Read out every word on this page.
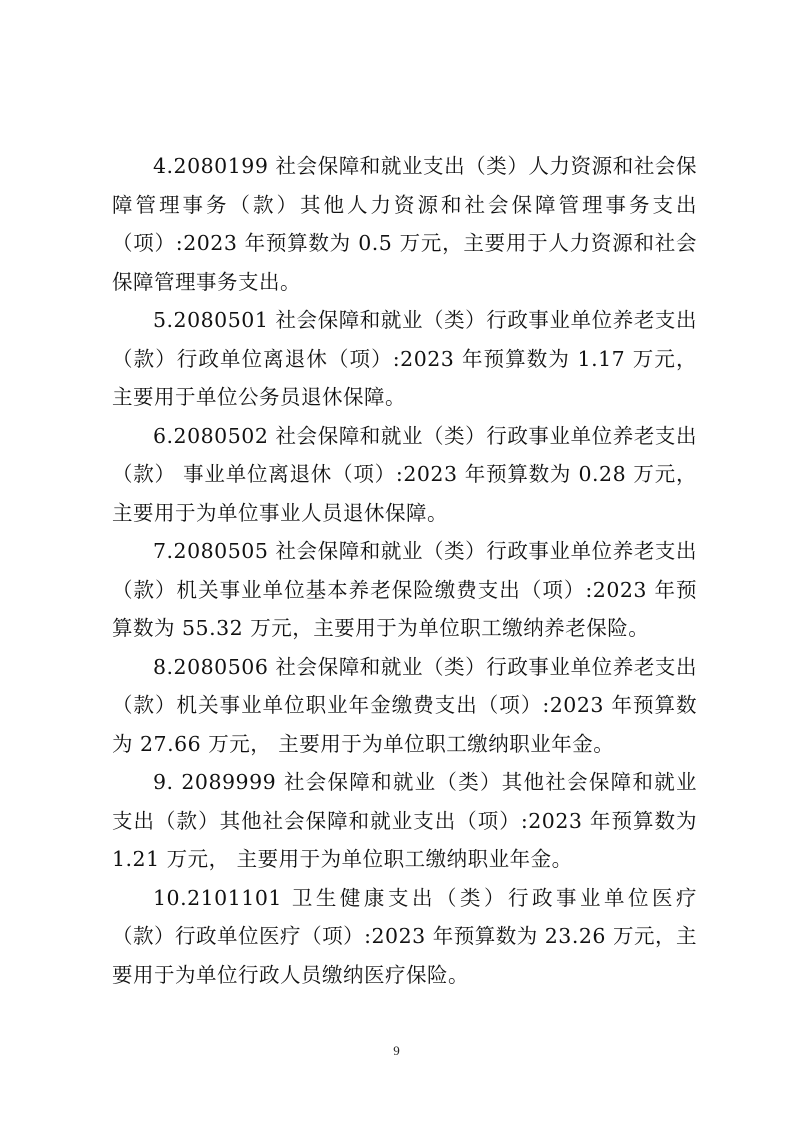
4.2080199 社会保障和就业支出（类）人力资源和社会保障管理事务（款）其他人力资源和社会保障管理事务支出（项）:2023 年预算数为 0.5 万元，主要用于人力资源和社会保障管理事务支出。

5.2080501 社会保障和就业（类）行政事业单位养老支出（款）行政单位离退休（项）:2023 年预算数为 1.17 万元，主要用于单位公务员退休保障。

6.2080502 社会保障和就业（类）行政事业单位养老支出（款） 事业单位离退休（项）:2023 年预算数为 0.28 万元，主要用于为单位事业人员退休保障。

7.2080505 社会保障和就业（类）行政事业单位养老支出（款）机关事业单位基本养老保险缴费支出（项）:2023 年预算数为 55.32 万元，主要用于为单位职工缴纳养老保险。

8.2080506 社会保障和就业（类）行政事业单位养老支出（款）机关事业单位职业年金缴费支出（项）:2023 年预算数为 27.66 万元， 主要用于为单位职工缴纳职业年金。

9. 2089999 社会保障和就业（类）其他社会保障和就业支出（款）其他社会保障和就业支出（项）:2023 年预算数为 1.21 万元， 主要用于为单位职工缴纳职业年金。

10.2101101 卫生健康支出（类）行政事业单位医疗（款）行政单位医疗（项）:2023 年预算数为 23.26 万元，主要用于为单位行政人员缴纳医疗保险。

9
